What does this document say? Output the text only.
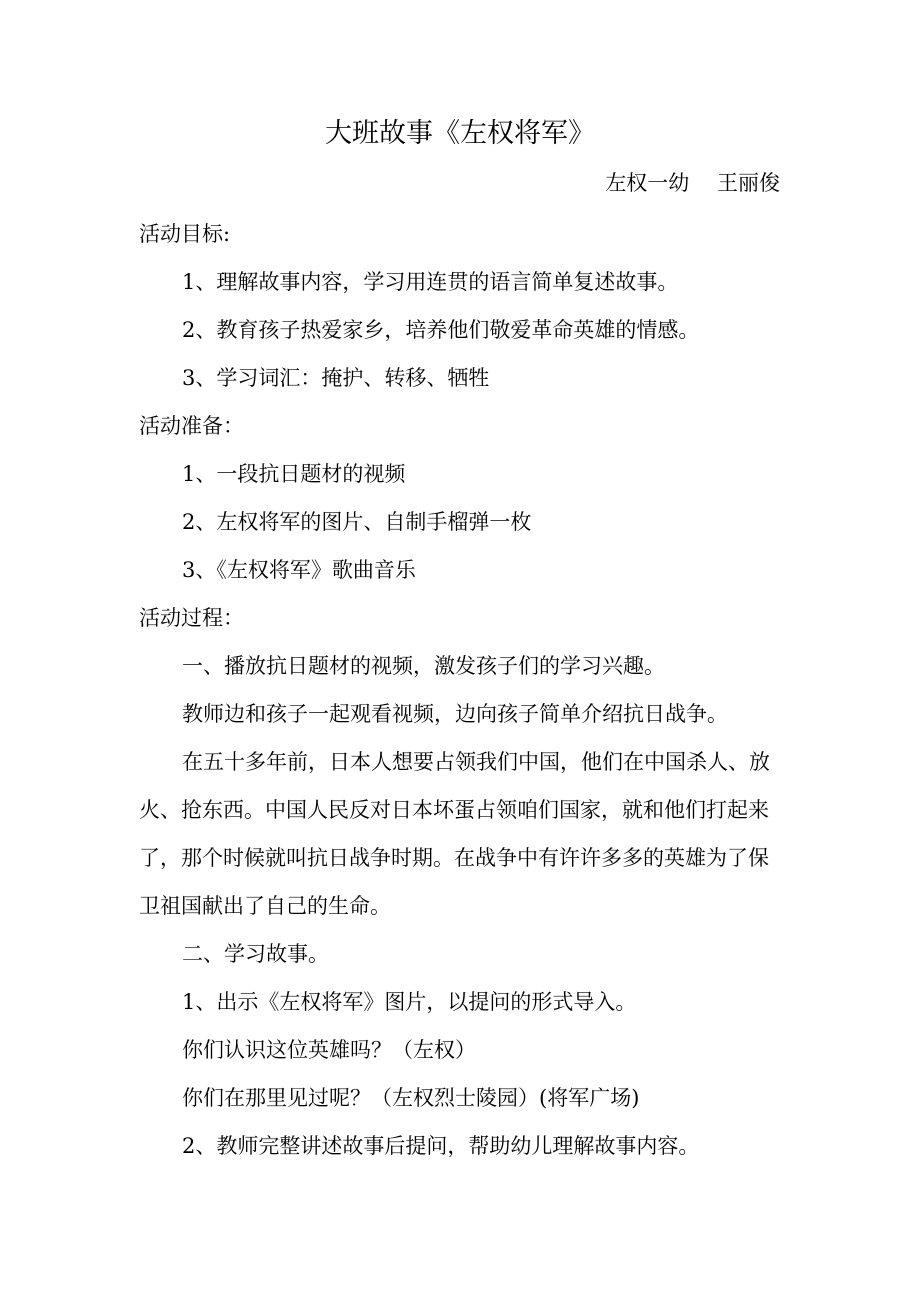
大班故事《左权将军》
左权一幼　 王丽俊
活动目标:
1、理解故事内容，学习用连贯的语言简单复述故事。
2、教育孩子热爱家乡，培养他们敬爱革命英雄的情感。
3、学习词汇：掩护、转移、牺牲
活动准备：
1、一段抗日题材的视频
2、左权将军的图片、自制手榴弹一枚
3、《左权将军》歌曲音乐
活动过程：
一、播放抗日题材的视频，激发孩子们的学习兴趣。
教师边和孩子一起观看视频，边向孩子简单介绍抗日战争。
在五十多年前，日本人想要占领我们中国，他们在中国杀人、放
火、抢东西。中国人民反对日本坏蛋占领咱们国家，就和他们打起来
了，那个时候就叫抗日战争时期。在战争中有许许多多的英雄为了保
卫祖国献出了自己的生命。
二、学习故事。
1、出示《左权将军》图片，以提问的形式导入。
你们认识这位英雄吗？（左权）
你们在那里见过呢？（左权烈士陵园）(将军广场)
2、教师完整讲述故事后提问，帮助幼儿理解故事内容。
